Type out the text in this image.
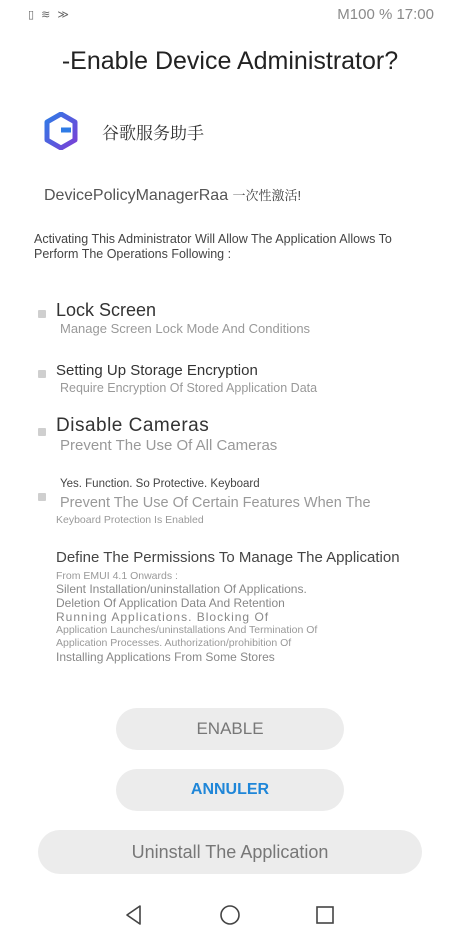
▯ ≋ ≫	M100 % 17:00
-Enable Device Administrator?
谷歌服务助手
DevicePolicyManagerRaa 一次性激活!
Activating This Administrator Will Allow The Application Allows To Perform The Operations Following :
Lock Screen
Manage Screen Lock Mode And Conditions
Setting Up Storage Encryption
Require Encryption Of Stored Application Data
Disable Cameras
Prevent The Use Of All Cameras
Yes. Function. So Protective. Keyboard
Prevent The Use Of Certain Features When The
Keyboard Protection Is Enabled
Define The Permissions To Manage The Application
From EMUI 4.1 Onwards :
Silent Installation/uninstallation Of Applications.
Deletion Of Application Data And Retention
Running Applications. Blocking Of
Application Launches/uninstallations And Termination Of
Application Processes. Authorization/prohibition Of
Installing Applications From Some Stores
ENABLE
ANNULER
Uninstall The Application
